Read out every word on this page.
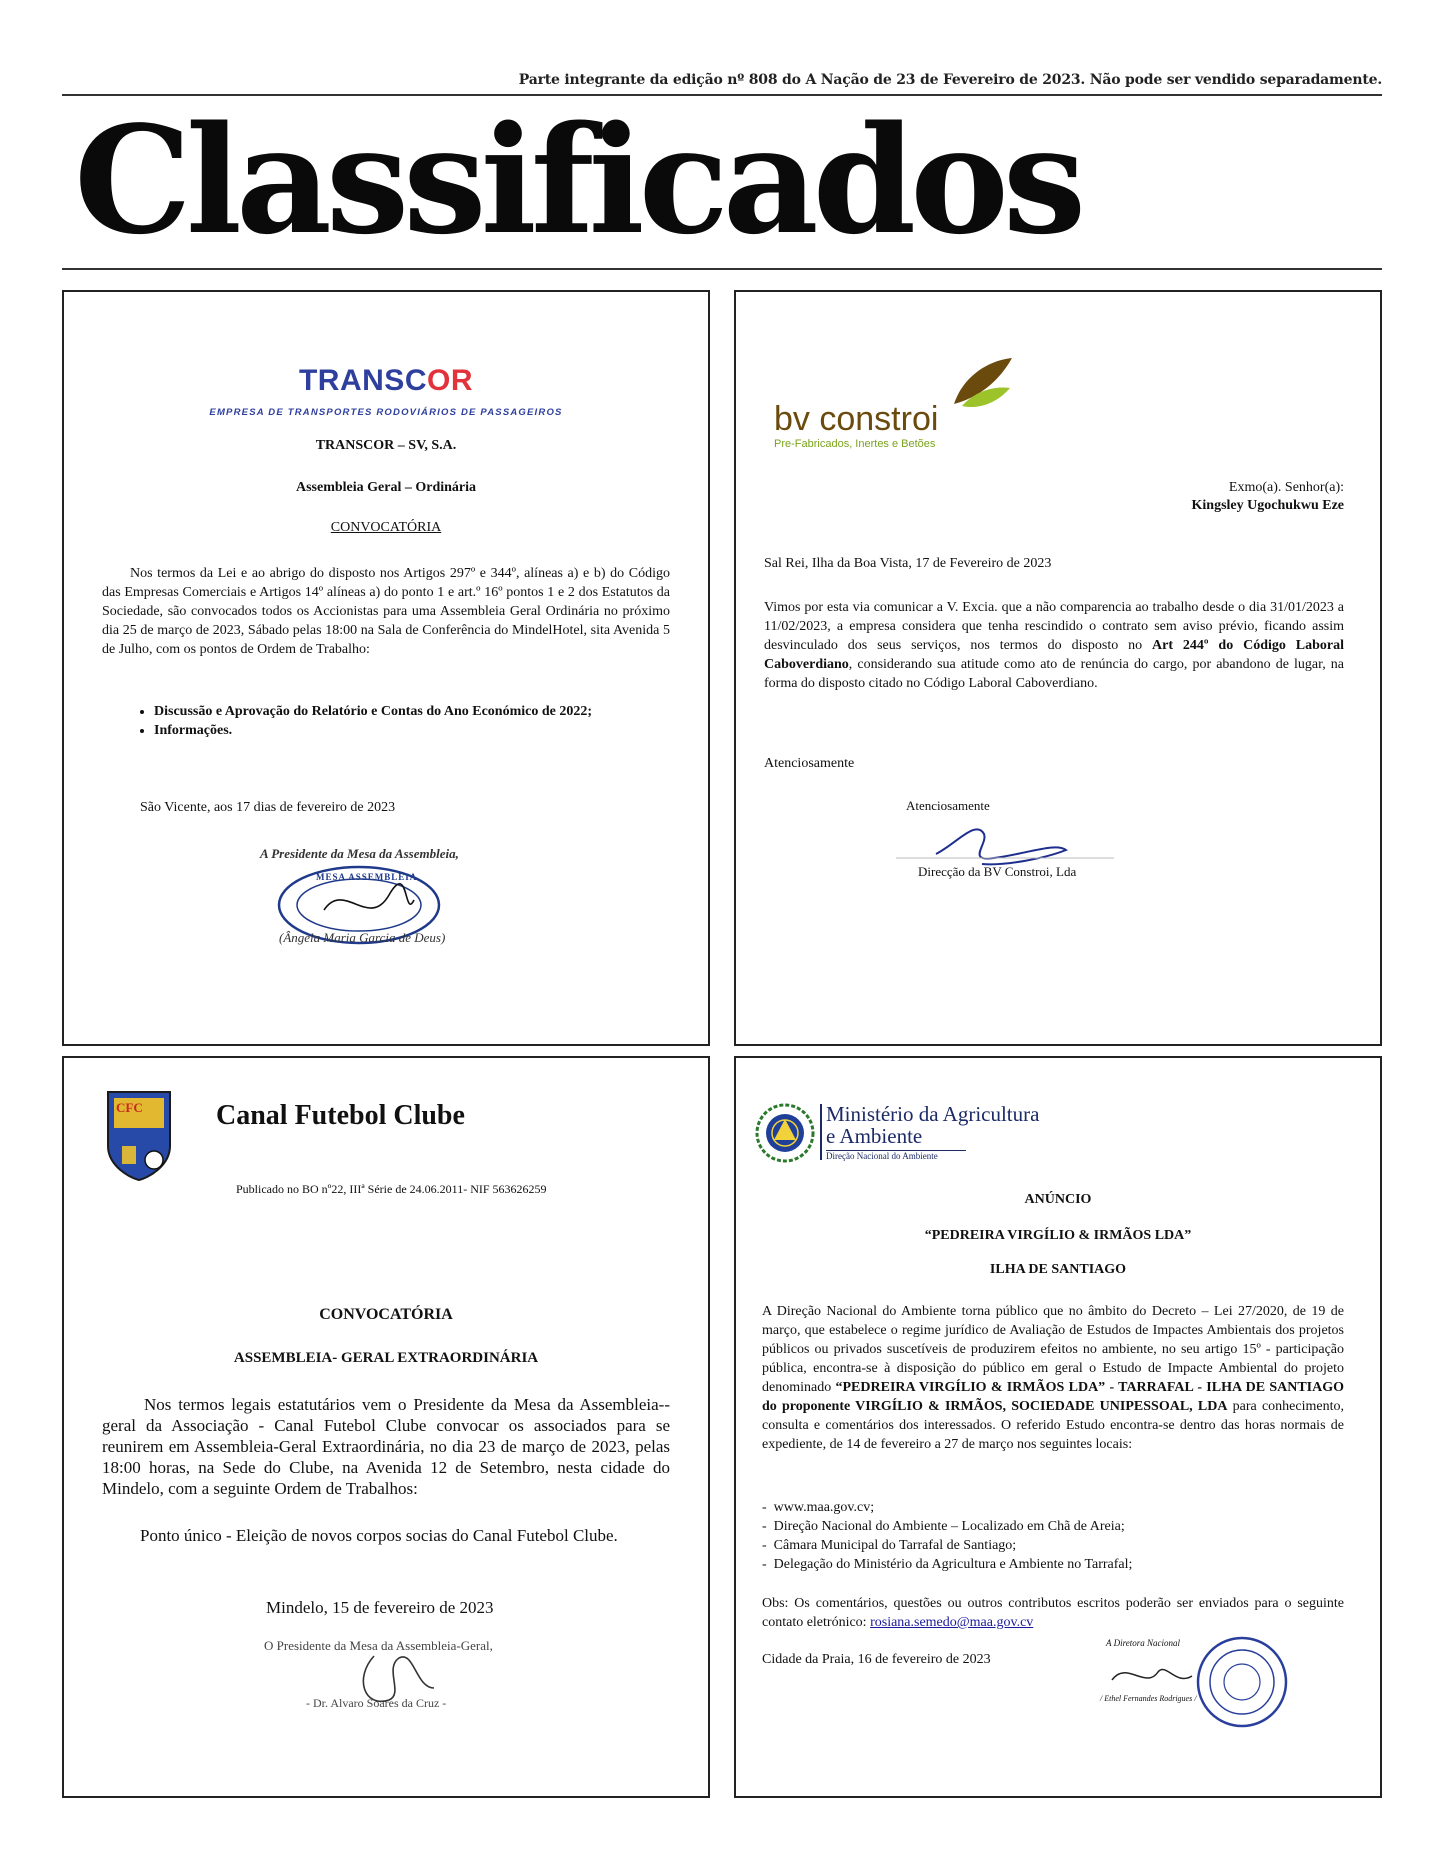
Parte integrante da edição nº 808 do A Nação de 23 de Fevereiro de 2023. Não pode ser vendido separadamente.
Classificados
TRANSCOR
EMPRESA DE TRANSPORTES RODOVIÁRIOS DE PASSAGEIROS
TRANSCOR – SV, S.A.
Assembleia Geral – Ordinária
CONVOCATÓRIA
Nos termos da Lei e ao abrigo do disposto nos Artigos 297º e 344º, alíneas a) e b) do Código das Empresas Comerciais e Artigos 14º alíneas a) do ponto 1 e art.º 16º pontos 1 e 2 dos Estatutos da Sociedade, são convocados todos os Accionistas para uma Assembleia Geral Ordinária no próximo dia 25 de março de 2023, Sábado pelas 18:00 na Sala de Conferência do MindelHotel, sita Avenida 5 de Julho, com os pontos de Ordem de Trabalho:
• Discussão e Aprovação do Relatório e Contas do Ano Económico de 2022;
• Informações.
São Vicente, aos 17 dias de fevereiro de 2023
A Presidente da Mesa da Assembleia,
MESA ASSEMBLEIA
(Ângela Maria Garcia de Deus)
bv constroi
Pre-Fabricados, Inertes e Betões
Exmo(a). Senhor(a):
Kingsley Ugochukwu Eze
Sal Rei, Ilha da Boa Vista, 17 de Fevereiro de 2023
Vimos por esta via comunicar a V. Excia. que a não comparencia ao trabalho desde o dia 31/01/2023 a 11/02/2023, a empresa considera que tenha rescindido o contrato sem aviso prévio, ficando assim desvinculado dos seus serviços, nos termos do disposto no Art 244º do Código Laboral Caboverdiano, considerando sua atitude como ato de renúncia do cargo, por abandono de lugar, na forma do disposto citado no Código Laboral Caboverdiano.
Atenciosamente
Atenciosamente
Direcção da BV Constroi, Lda
CFC	Canal Futebol Clube
Publicado no BO nº22, IIIª Série de 24.06.2011- NIF 563626259
CONVOCATÓRIA
ASSEMBLEIA- GERAL EXTRAORDINÁRIA
Nos termos legais estatutários vem o Presidente da Mesa da Assembleia--geral da Associação - Canal Futebol Clube convocar os associados para se reunirem em Assembleia-Geral Extraordinária, no dia 23 de março de 2023, pelas 18:00 horas, na Sede do Clube, na Avenida 12 de Setembro, nesta cidade do Mindelo, com a seguinte Ordem de Trabalhos:
Ponto único - Eleição de novos corpos socias do Canal Futebol Clube.
Mindelo, 15 de fevereiro de 2023
O Presidente da Mesa da Assembleia-Geral,
- Dr. Alvaro Soares da Cruz -
Ministério da Agricultura
e Ambiente
Direção Nacional do Ambiente
ANÚNCIO
“PEDREIRA VIRGÍLIO & IRMÃOS LDA”
ILHA DE SANTIAGO
A Direção Nacional do Ambiente torna público que no âmbito do Decreto – Lei 27/2020, de 19 de março, que estabelece o regime jurídico de Avaliação de Estudos de Impactes Ambientais dos projetos públicos ou privados suscetíveis de produzirem efeitos no ambiente, no seu artigo 15º - participação pública, encontra-se à disposição do público em geral o Estudo de Impacte Ambiental do projeto denominado “PEDREIRA VIRGÍLIO & IRMÃOS LDA” - TARRAFAL - ILHA DE SANTIAGO do proponente VIRGÍLIO & IRMÃOS, SOCIEDADE UNIPESSOAL, LDA para conhecimento, consulta e comentários dos interessados. O referido Estudo encontra-se dentro das horas normais de expediente, de 14 de fevereiro a 27 de março nos seguintes locais:
-  www.maa.gov.cv;
-  Direção Nacional do Ambiente – Localizado em Chã de Areia;
-  Câmara Municipal do Tarrafal de Santiago;
-  Delegação do Ministério da Agricultura e Ambiente no Tarrafal;
Obs: Os comentários, questões ou outros contributos escritos poderão ser enviados para o seguinte contato eletrónico: rosiana.semedo@maa.gov.cv
Cidade da Praia, 16 de fevereiro de 2023
A Diretora Nacional
/ Ethel Fernandes Rodrigues /
